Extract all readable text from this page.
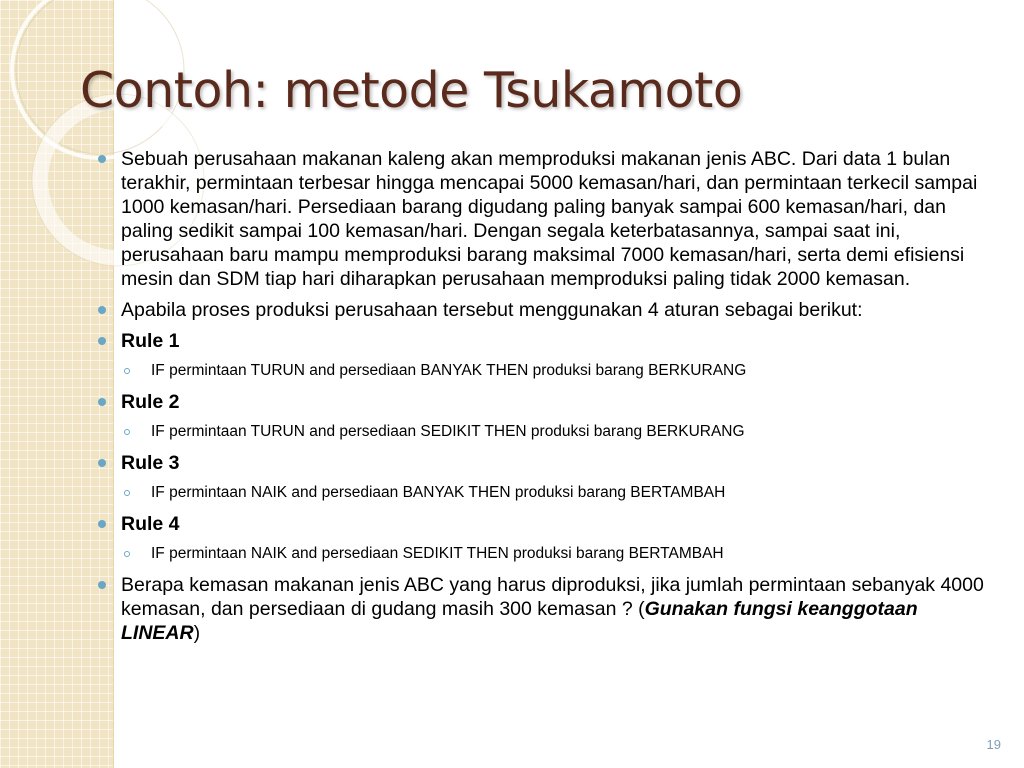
Contoh: metode Tsukamoto
Sebuah perusahaan makanan kaleng akan memproduksi makanan jenis ABC. Dari data 1 bulan terakhir, permintaan terbesar hingga mencapai 5000 kemasan/hari, dan permintaan terkecil sampai 1000 kemasan/hari. Persediaan barang digudang paling banyak sampai 600 kemasan/hari, dan paling sedikit sampai 100 kemasan/hari. Dengan segala keterbatasannya, sampai saat ini, perusahaan baru mampu memproduksi barang maksimal 7000 kemasan/hari, serta demi efisiensi mesin dan SDM tiap hari diharapkan perusahaan memproduksi paling tidak 2000 kemasan.
Apabila proses produksi perusahaan tersebut menggunakan 4 aturan sebagai berikut:
Rule 1
IF permintaan TURUN and persediaan BANYAK THEN produksi barang BERKURANG
Rule 2
IF permintaan TURUN and persediaan SEDIKIT THEN produksi barang BERKURANG
Rule 3
IF permintaan NAIK and persediaan BANYAK THEN produksi barang BERTAMBAH
Rule 4
IF permintaan NAIK and persediaan SEDIKIT THEN produksi barang BERTAMBAH
Berapa kemasan makanan jenis ABC yang harus diproduksi, jika jumlah permintaan sebanyak 4000 kemasan, dan persediaan di gudang masih 300 kemasan ? (Gunakan fungsi keanggotaan LINEAR)
19
